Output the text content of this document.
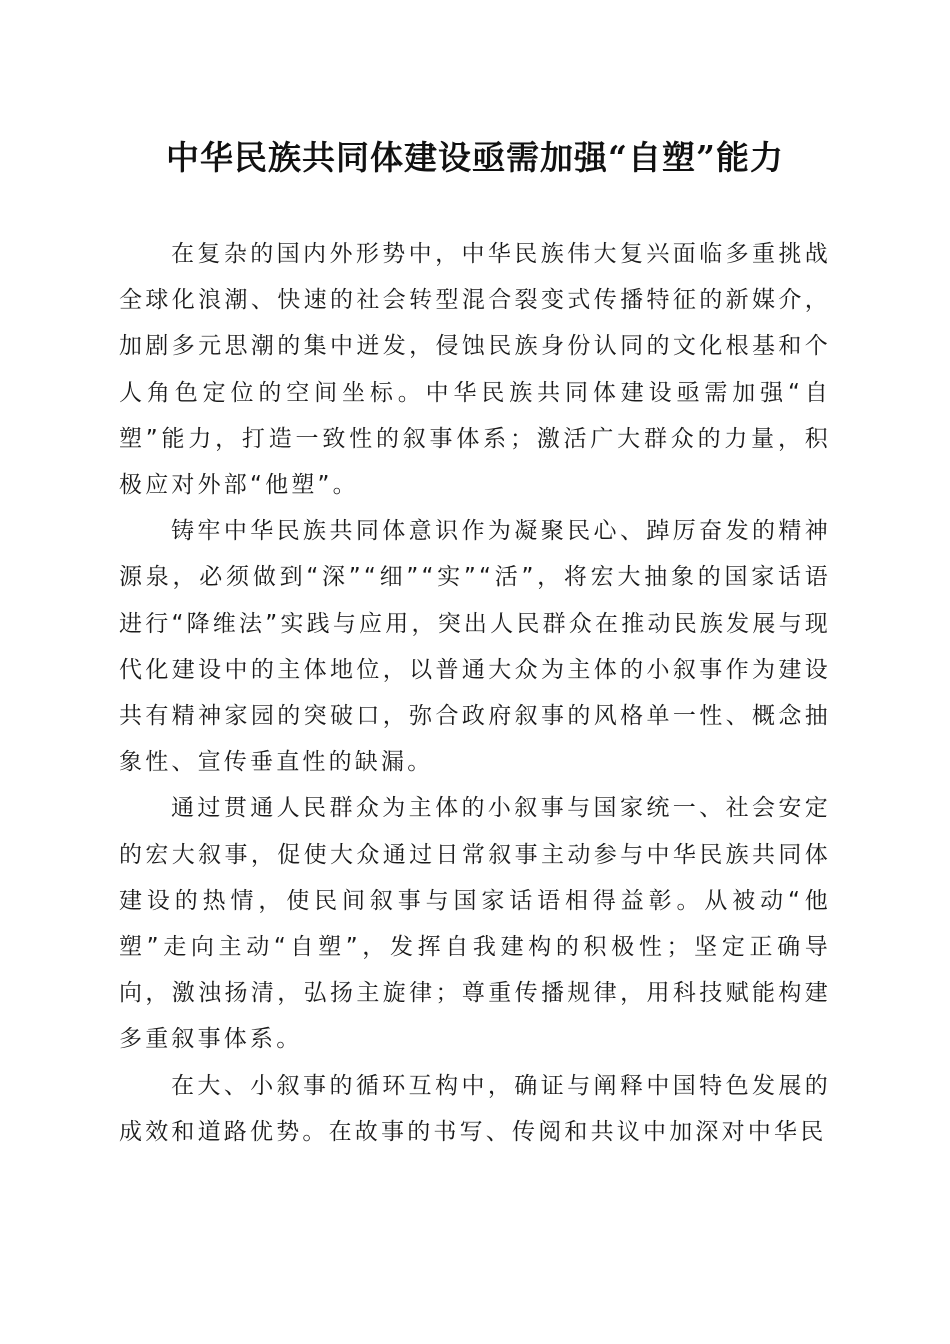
中华民族共同体建设亟需加强“自塑”能力

在复杂的国内外形势中，中华民族伟大复兴面临多重挑战全球化浪潮、快速的社会转型混合裂变式传播特征的新媒介，加剧多元思潮的集中迸发，侵蚀民族身份认同的文化根基和个人角色定位的空间坐标。中华民族共同体建设亟需加强“自塑”能力，打造一致性的叙事体系；激活广大群众的力量，积极应对外部“他塑”。

铸牢中华民族共同体意识作为凝聚民心、踔厉奋发的精神源泉，必须做到“深”“细”“实”“活”，将宏大抽象的国家话语进行“降维法”实践与应用，突出人民群众在推动民族发展与现代化建设中的主体地位，以普通大众为主体的小叙事作为建设共有精神家园的突破口，弥合政府叙事的风格单一性、概念抽象性、宣传垂直性的缺漏。

通过贯通人民群众为主体的小叙事与国家统一、社会安定的宏大叙事，促使大众通过日常叙事主动参与中华民族共同体建设的热情，使民间叙事与国家话语相得益彰。从被动“他塑”走向主动“自塑”，发挥自我建构的积极性；坚定正确导向，激浊扬清，弘扬主旋律；尊重传播规律，用科技赋能构建多重叙事体系。

在大、小叙事的循环互构中，确证与阐释中国特色发展的成效和道路优势。在故事的书写、传阅和共议中加深对中华民
